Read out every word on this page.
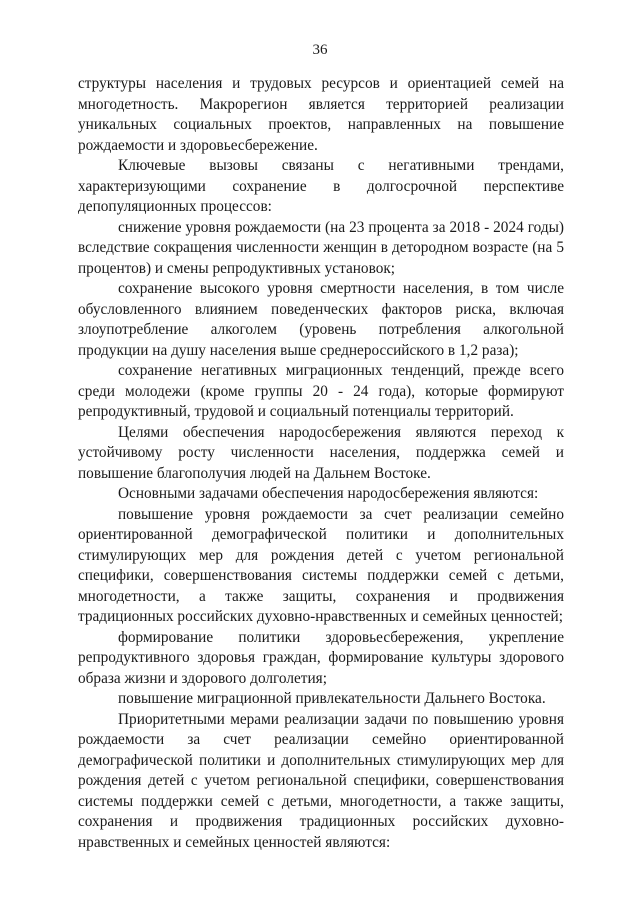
36

структуры населения и трудовых ресурсов и ориентацией семей на многодетность. Макрорегион является территорией реализации уникальных социальных проектов, направленных на повышение рождаемости и здоровьесбережение.

Ключевые вызовы связаны с негативными трендами, характеризующими сохранение в долгосрочной перспективе депопуляционных процессов:

снижение уровня рождаемости (на 23 процента за 2018 - 2024 годы) вследствие сокращения численности женщин в детородном возрасте (на 5 процентов) и смены репродуктивных установок;

сохранение высокого уровня смертности населения, в том числе обусловленного влиянием поведенческих факторов риска, включая злоупотребление алкоголем (уровень потребления алкогольной продукции на душу населения выше среднероссийского в 1,2 раза);

сохранение негативных миграционных тенденций, прежде всего среди молодежи (кроме группы 20 - 24 года), которые формируют репродуктивный, трудовой и социальный потенциалы территорий.

Целями обеспечения народосбережения являются переход к устойчивому росту численности населения, поддержка семей и повышение благополучия людей на Дальнем Востоке.

Основными задачами обеспечения народосбережения являются:

повышение уровня рождаемости за счет реализации семейно ориентированной демографической политики и дополнительных стимулирующих мер для рождения детей с учетом региональной специфики, совершенствования системы поддержки семей с детьми, многодетности, а также защиты, сохранения и продвижения традиционных российских духовно-нравственных и семейных ценностей;

формирование политики здоровьесбережения, укрепление репродуктивного здоровья граждан, формирование культуры здорового образа жизни и здорового долголетия;

повышение миграционной привлекательности Дальнего Востока.

Приоритетными мерами реализации задачи по повышению уровня рождаемости за счет реализации семейно ориентированной демографической политики и дополнительных стимулирующих мер для рождения детей с учетом региональной специфики, совершенствования системы поддержки семей с детьми, многодетности, а также защиты, сохранения и продвижения традиционных российских духовно-нравственных и семейных ценностей являются:
